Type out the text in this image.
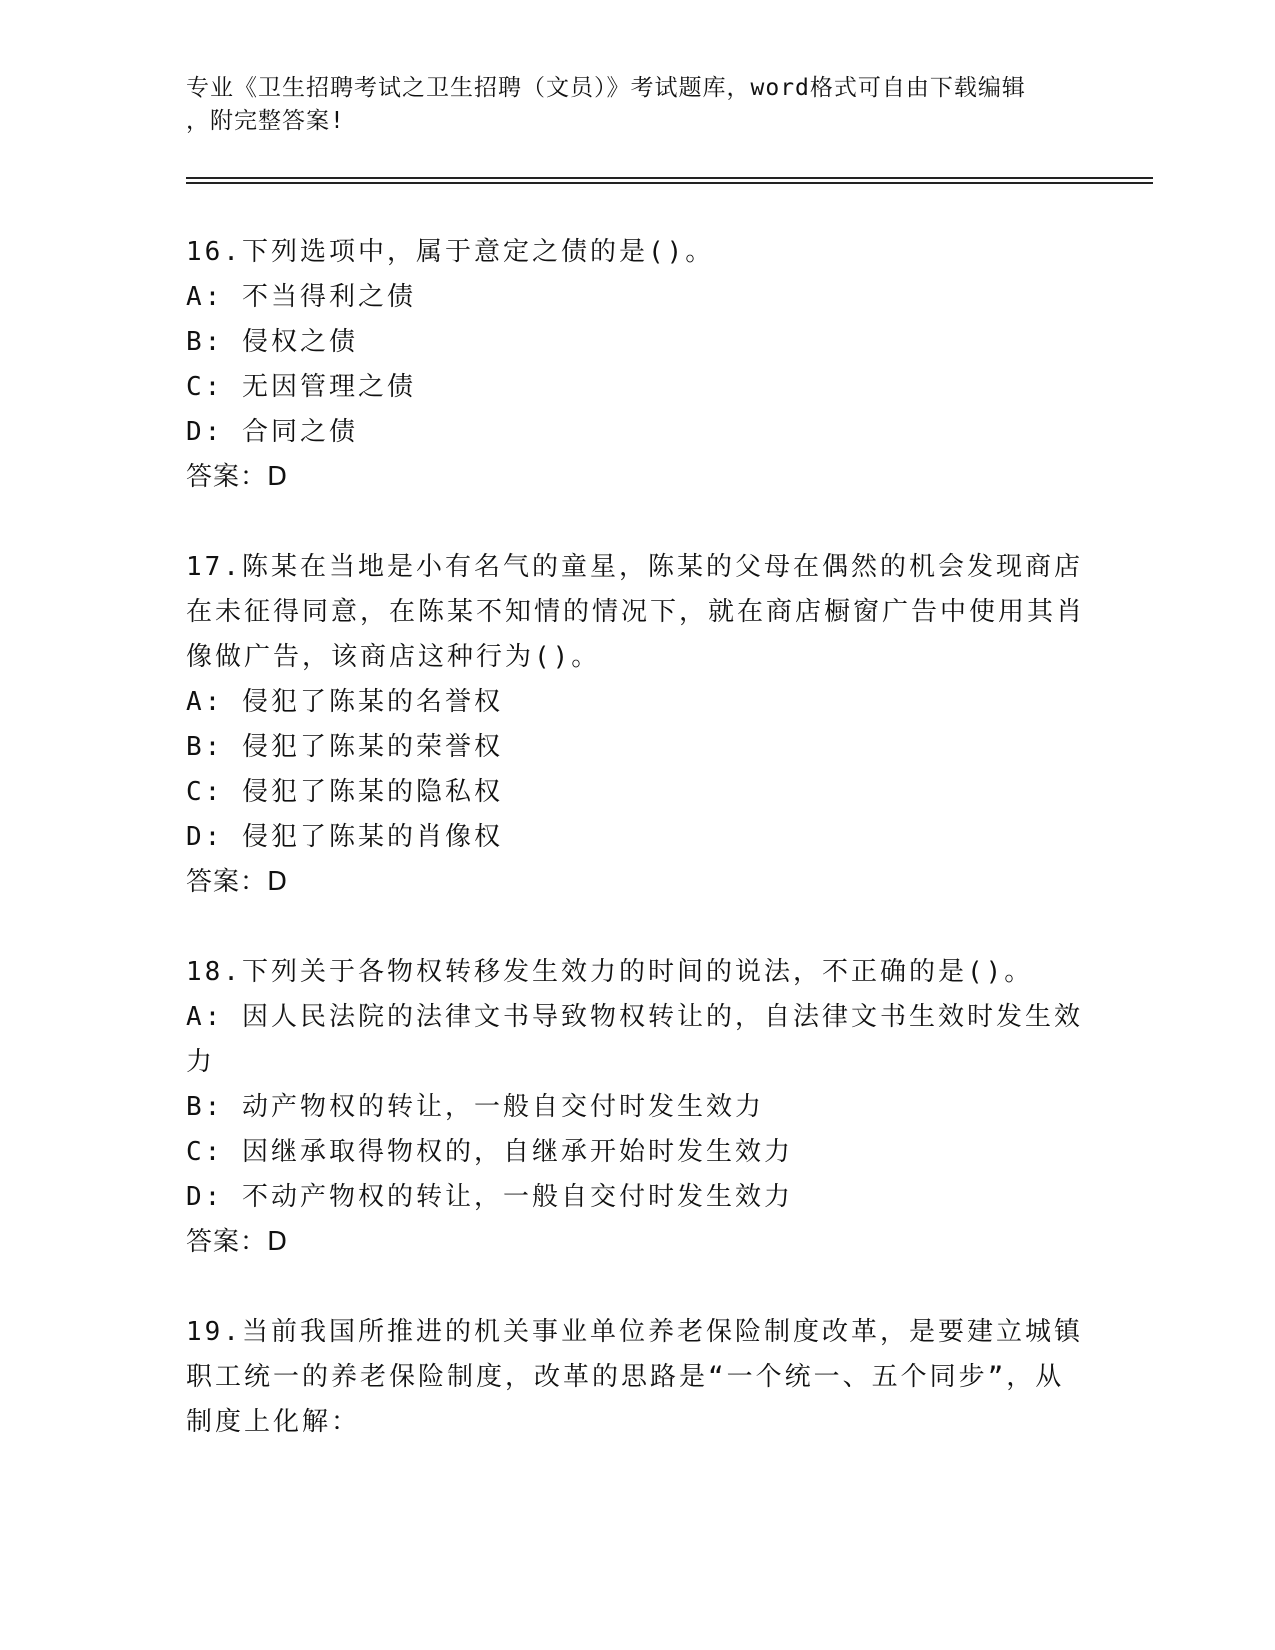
专业《卫生招聘考试之卫生招聘（文员）》考试题库，word格式可自由下载编辑
，附完整答案!

16.下列选项中，属于意定之债的是()。

A: 不当得利之债

B: 侵权之债

C: 无因管理之债

D: 合同之债

答案：D

17.陈某在当地是小有名气的童星，陈某的父母在偶然的机会发现商店在未征得同意，在陈某不知情的情况下，就在商店橱窗广告中使用其肖像做广告，该商店这种行为()。

A: 侵犯了陈某的名誉权

B: 侵犯了陈某的荣誉权

C: 侵犯了陈某的隐私权

D: 侵犯了陈某的肖像权

答案：D

18.下列关于各物权转移发生效力的时间的说法，不正确的是()。

A: 因人民法院的法律文书导致物权转让的，自法律文书生效时发生效力

B: 动产物权的转让，一般自交付时发生效力

C: 因继承取得物权的，自继承开始时发生效力

D: 不动产物权的转让，一般自交付时发生效力

答案：D

19.当前我国所推进的机关事业单位养老保险制度改革，是要建立城镇职工统一的养老保险制度，改革的思路是“一个统一、五个同步”，从制度上化解：
